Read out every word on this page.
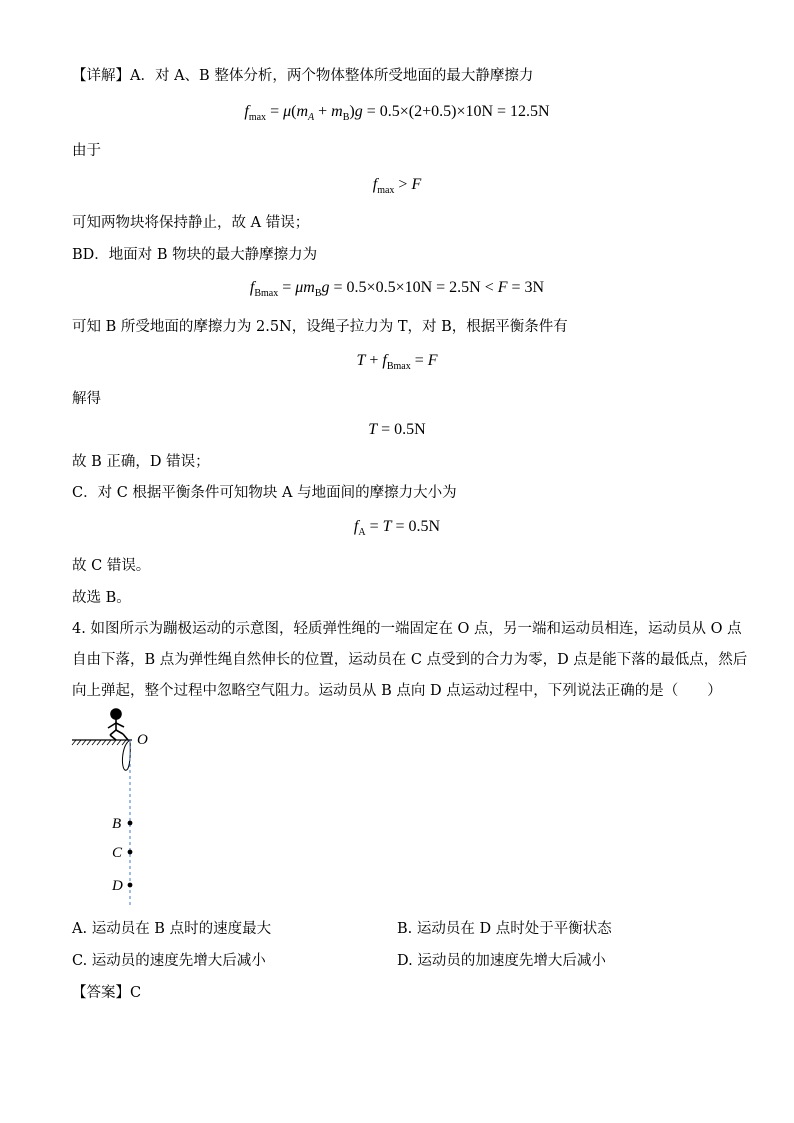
【详解】A．对 A、B 整体分析，两个物体整体所受地面的最大静摩擦力
$f_{max} = \mu(m_A + m_B)g = 0.5\times(2+0.5)\times 10N = 12.5N$
由于
$f_{max} > F$
可知两物块将保持静止，故 A 错误；
BD．地面对 B 物块的最大静摩擦力为
$f_{Bmax} = \mu m_Bg = 0.5\times 0.5\times 10N = 2.5N < F = 3N$
可知 B 所受地面的摩擦力为 2.5N，设绳子拉力为 T，对 B，根据平衡条件有
$T + f_{Bmax} = F$
解得
T = 0.5N
故 B 正确，D 错误；
C．对 C 根据平衡条件可知物块 A 与地面间的摩擦力大小为
$f_A = T = 0.5N$
故 C 错误。
故选 B。
4. 如图所示为蹦极运动的示意图，轻质弹性绳的一端固定在 O 点，另一端和运动员相连，运动员从 O 点
自由下落，B 点为弹性绳自然伸长的位置，运动员在 C 点受到的合力为零，D 点是能下落的最低点，然后
向上弹起，整个过程中忽略空气阻力。运动员从 B 点向 D 点运动过程中，下列说法正确的是（　　）
O
B
C
D
A. 运动员在 B 点时的速度最大	B. 运动员在 D 点时处于平衡状态
C. 运动员的速度先增大后减小	D. 运动员的加速度先增大后减小
【答案】C
